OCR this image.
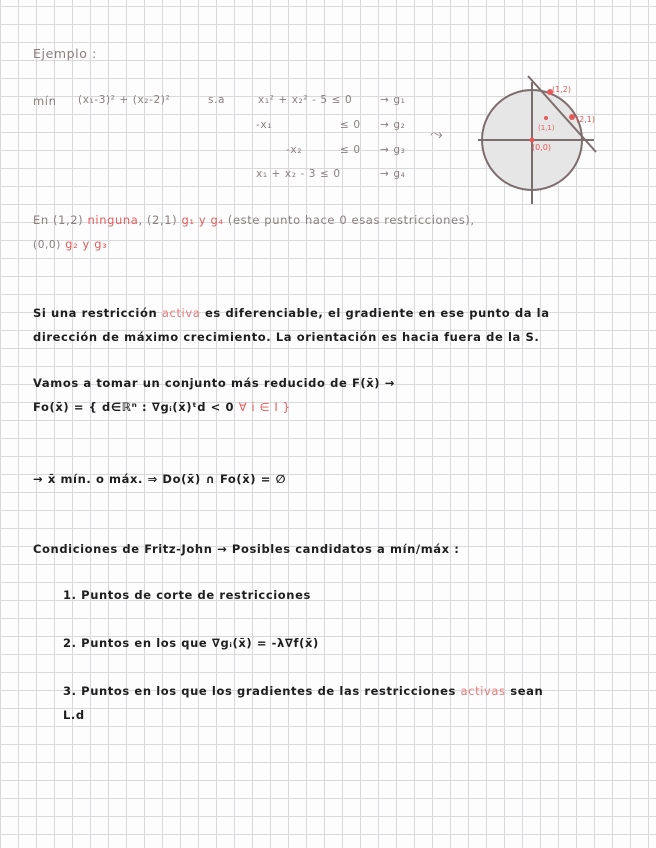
Ejemplo :
mín (x₁-3)² + (x₂-2)²	s.a	x₁² + x₂² - 5 ≤ 0	→ g₁
-x₁	≤ 0 → g₂
-x₂	≤ 0 → g₃
x₁ + x₂ - 3 ≤ 0	→ g₄
⤳
(1,2)
(2,1)
(1,1)
(0,0)
En (1,2) ninguna, (2,1) g₁ y g₄ (este punto hace 0 esas restricciones),
(0,0) g₂ y g₃
Si una restricción activa es diferenciable, el gradiente en ese punto da la
dirección de máximo crecimiento. La orientación es hacia fuera de la S.
Vamos a tomar un conjunto más reducido de F(x̄) →
Fo(x̄) = { d∈ℝⁿ : ∇gᵢ(x̄)ᵗd < 0 ∀ i ∈ I }
→ x̄ mín. o máx. ⇒ Do(x̄) ∩ Fo(x̄) = ∅
Condiciones de Fritz-John → Posibles candidatos a mín/máx :
1. Puntos de corte de restricciones
2. Puntos en los que ∇gᵢ(x̄) = -λ∇f(x̄)
3. Puntos en los que los gradientes de las restricciones activas sean
L.d
